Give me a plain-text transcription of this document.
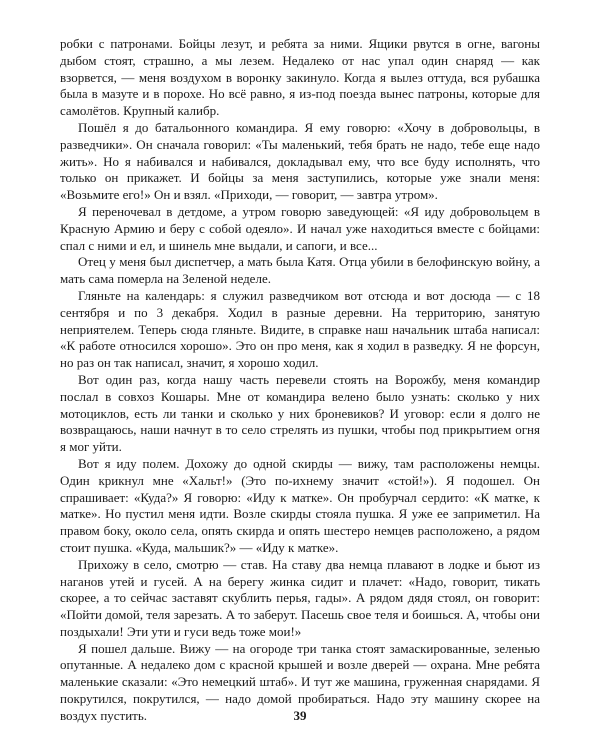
робки с патронами. Бойцы лезут, и ребята за ними. Ящики рвутся в огне, вагоны дыбом стоят, страшно, а мы лезем. Недалеко от нас упал один снаряд — как взорвется, — меня воздухом в воронку закинуло. Когда я вылез оттуда, вся рубашка была в мазуте и в порохе. Но всё равно, я из-под поезда вынес патроны, которые для самолётов. Крупный калибр.

Пошёл я до батальонного командира. Я ему говорю: «Хочу в добровольцы, в разведчики». Он сначала говорил: «Ты маленький, тебя брать не надо, тебе еще надо жить». Но я набивался и набивался, докладывал ему, что все буду исполнять, что только он прикажет. И бойцы за меня заступились, которые уже знали меня: «Возьмите его!» Он и взял. «Приходи, — говорит, — завтра утром».

Я переночевал в детдоме, а утром говорю заведующей: «Я иду добровольцем в Красную Армию и беру с собой одеяло». И начал уже находиться вместе с бойцами: спал с ними и ел, и шинель мне выдали, и сапоги, и все...

Отец у меня был диспетчер, а мать была Катя. Отца убили в белофинскую войну, а мать сама померла на Зеленой неделе.

Гляньте на календарь: я служил разведчиком вот отсюда и вот досюда — с 18 сентября и по 3 декабря. Ходил в разные деревни. На территорию, занятую неприятелем. Теперь сюда гляньте. Видите, в справке наш начальник штаба написал: «К работе относился хорошо». Это он про меня, как я ходил в разведку. Я не форсун, но раз он так написал, значит, я хорошо ходил.

Вот один раз, когда нашу часть перевели стоять на Ворожбу, меня командир послал в совхоз Кошары. Мне от командира велено было узнать: сколько у них мотоциклов, есть ли танки и сколько у них броневиков? И уговор: если я долго не возвращаюсь, наши начнут в то село стрелять из пушки, чтобы под прикрытием огня я мог уйти.

Вот я иду полем. Дохожу до одной скирды — вижу, там расположены немцы. Один крикнул мне «Хальт!» (Это по-ихнему значит «стой!»). Я подошел. Он спрашивает: «Куда?» Я говорю: «Иду к матке». Он пробурчал сердито: «К матке, к матке». Но пустил меня идти. Возле скирды стояла пушка. Я уже ее заприметил. На правом боку, около села, опять скирда и опять шестеро немцев расположено, а рядом стоит пушка. «Куда, мальшик?» — «Иду к матке».

Прихожу в село, смотрю — став. На ставу два немца плавают в лодке и бьют из наганов утей и гусей. А на берегу жинка сидит и плачет: «Надо, говорит, тикать скорее, а то сейчас заставят скублить перья, гады». А рядом дядя стоял, он говорит: «Пойти домой, теля зарезать. А то заберут. Пасешь свое теля и боишься. А, чтобы они поздыхали! Эти ути и гуси ведь тоже мои!»

Я пошел дальше. Вижу — на огороде три танка стоят замаскированные, зеленью опутанные. А недалеко дом с красной крышей и возле дверей — охрана. Мне ребята маленькие сказали: «Это немецкий штаб». И тут же машина, груженная снарядами. Я покрутился, покрутился, — надо домой пробираться. Надо эту машину скорее на воздух пустить.	39
